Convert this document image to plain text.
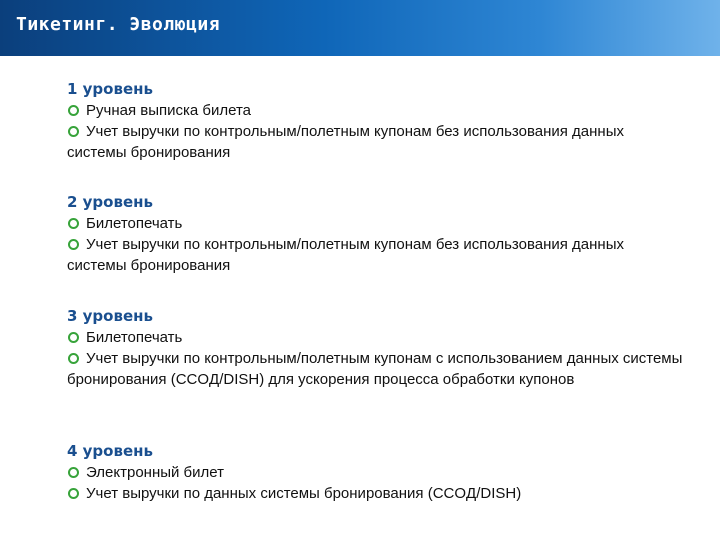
Тикетинг. Эволюция
1 уровень
Ручная выписка билета
Учет выручки по контрольным/полетным купонам без использования данных системы бронирования
2 уровень
Билетопечать
Учет выручки по контрольным/полетным купонам без использования данных системы бронирования
3 уровень
Билетопечать
Учет выручки по контрольным/полетным купонам с использованием данных системы бронирования (CCOД/DISH) для ускорения процесса обработки купонов
4 уровень
Электронный билет
Учет выручки по данных системы бронирования (CCOД/DISH)
